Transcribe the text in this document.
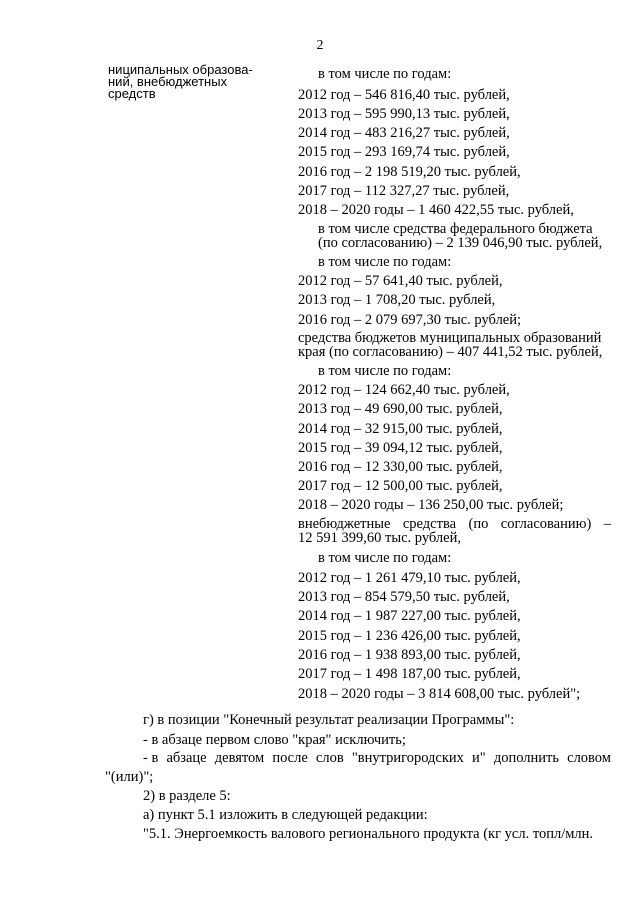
2
ниципальных образова-
ний, внебюджетных
средств
в том числе по годам:
2012 год – 546 816,40 тыс. рублей,
2013 год – 595 990,13 тыс. рублей,
2014 год – 483 216,27 тыс. рублей,
2015 год – 293 169,74 тыс. рублей,
2016 год – 2 198 519,20 тыс. рублей,
2017 год – 112 327,27 тыс. рублей,
2018 – 2020 годы – 1 460 422,55 тыс. рублей,
в том числе средства федерального бюджета
(по согласованию) – 2 139 046,90 тыс. рублей,
в том числе по годам:
2012 год – 57 641,40 тыс. рублей,
2013 год – 1 708,20 тыс. рублей,
2016 год – 2 079 697,30 тыс. рублей;
средства бюджетов муниципальных образований
края (по согласованию) – 407 441,52 тыс. рублей,
в том числе по годам:
2012 год – 124 662,40 тыс. рублей,
2013 год – 49 690,00 тыс. рублей,
2014 год – 32 915,00 тыс. рублей,
2015 год – 39 094,12 тыс. рублей,
2016 год – 12 330,00 тыс. рублей,
2017 год – 12 500,00 тыс. рублей,
2018 – 2020 годы – 136 250,00 тыс. рублей;
внебюджетные средства (по согласованию) –
12 591 399,60 тыс. рублей,
в том числе по годам:
2012 год – 1 261 479,10 тыс. рублей,
2013 год – 854 579,50 тыс. рублей,
2014 год – 1 987 227,00 тыс. рублей,
2015 год – 1 236 426,00 тыс. рублей,
2016 год – 1 938 893,00 тыс. рублей,
2017 год – 1 498 187,00 тыс. рублей,
2018 – 2020 годы – 3 814 608,00 тыс. рублей";
г) в позиции "Конечный результат реализации Программы":
- в абзаце первом слово "края" исключить;
- в абзаце девятом после слов "внутригородских и" дополнить словом
"(или)";
2) в разделе 5:
а) пункт 5.1 изложить в следующей редакции:
"5.1. Энергоемкость валового регионального продукта (кг усл. топл/млн.
